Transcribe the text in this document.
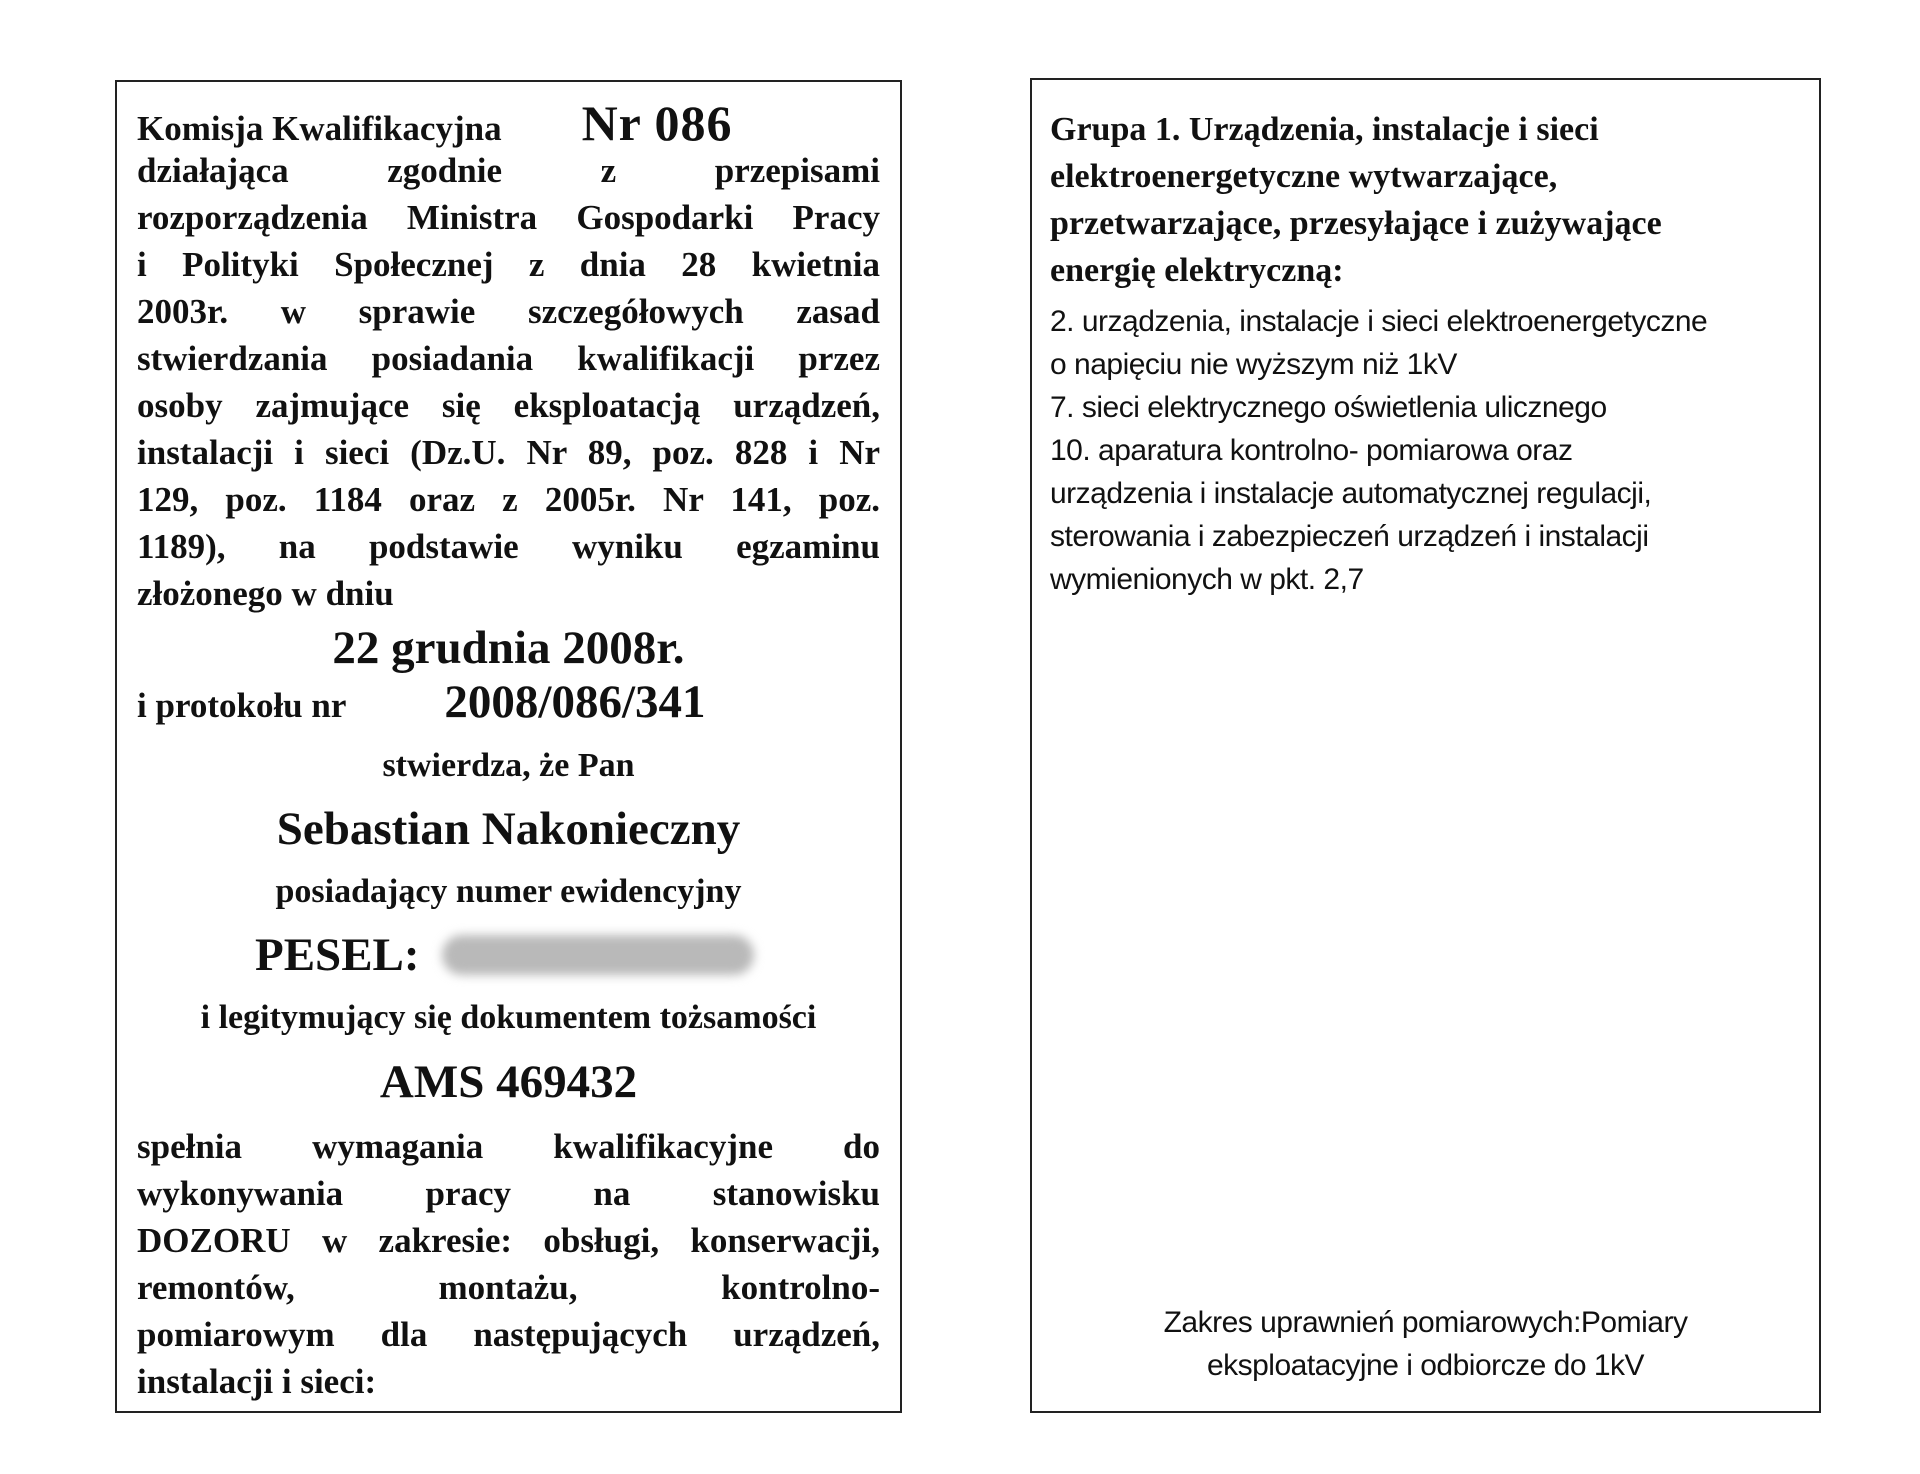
Komisja Kwalifikacyjna Nr 086

działająca zgodnie z przepisami

rozporządzenia Ministra Gospodarki Pracy

i Polityki Społecznej z dnia 28 kwietnia

2003r. w sprawie szczegółowych zasad

stwierdzania posiadania kwalifikacji przez

osoby zajmujące się eksploatacją urządzeń,

instalacji i sieci (Dz.U. Nr 89, poz. 828 i Nr

129, poz. 1184 oraz z 2005r. Nr 141, poz.

1189), na podstawie wyniku egzaminu

złożonego w dniu

22 grudnia 2008r.
i protokołu nr 2008/086/341
stwierdza, że Pan
Sebastian Nakonieczny
posiadający numer ewidencyjny
PESEL:
i legitymujący się dokumentem tożsamości
AMS 469432

spełnia wymagania kwalifikacyjne do

wykonywania pracy na stanowisku

DOZORU w zakresie: obsługi, konserwacji,

remontów, montażu, kontrolno-

pomiarowym dla następujących urządzeń,

instalacji i sieci:

Grupa 1. Urządzenia, instalacje i sieci
elektroenergetyczne wytwarzające,
przetwarzające, przesyłające i zużywające
energię elektryczną:
2. urządzenia, instalacje i sieci elektroenergetyczne
o napięciu nie wyższym niż 1kV
7. sieci elektrycznego oświetlenia ulicznego
10. aparatura kontrolno- pomiarowa oraz
urządzenia i instalacje automatycznej regulacji,
sterowania i zabezpieczeń urządzeń i instalacji
wymienionych w pkt. 2,7
Zakres uprawnień pomiarowych:Pomiary
eksploatacyjne i odbiorcze do 1kV
